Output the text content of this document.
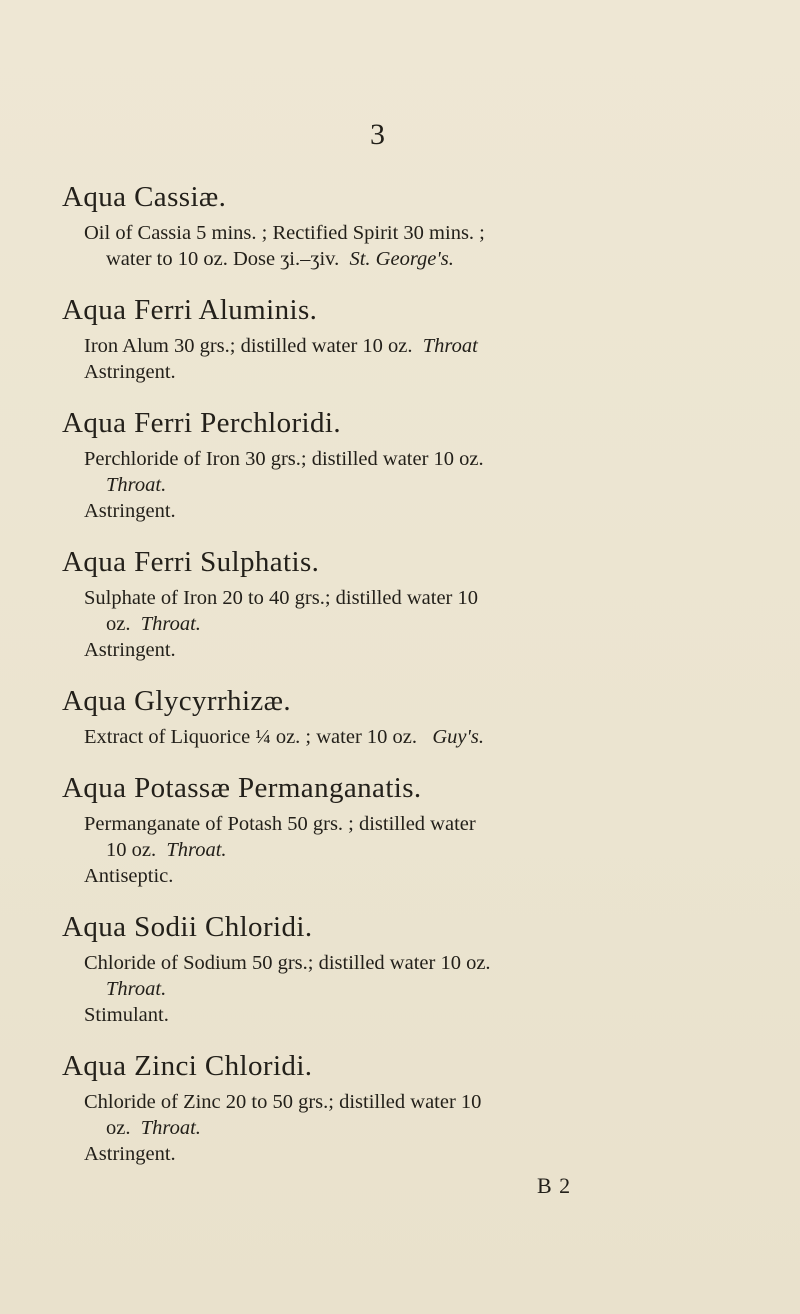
3
Aqua Cassiæ.
Oil of Cassia 5 mins. ; Rectified Spirit 30 mins. ;
water to 10 oz. Dose ʒi.–ʒiv. St. George's.
Aqua Ferri Aluminis.
Iron Alum 30 grs.; distilled water 10 oz. Throat
Astringent.
Aqua Ferri Perchloridi.
Perchloride of Iron 30 grs.; distilled water 10 oz.
Throat.
Astringent.
Aqua Ferri Sulphatis.
Sulphate of Iron 20 to 40 grs.; distilled water 10
oz. Throat.
Astringent.
Aqua Glycyrrhizæ.
Extract of Liquorice ¼ oz. ; water 10 oz. Guy's.
Aqua Potassæ Permanganatis.
Permanganate of Potash 50 grs. ; distilled water
10 oz. Throat.
Antiseptic.
Aqua Sodii Chloridi.
Chloride of Sodium 50 grs.; distilled water 10 oz.
Throat.
Stimulant.
Aqua Zinci Chloridi.
Chloride of Zinc 20 to 50 grs.; distilled water 10
oz. Throat.
Astringent.
B 2
